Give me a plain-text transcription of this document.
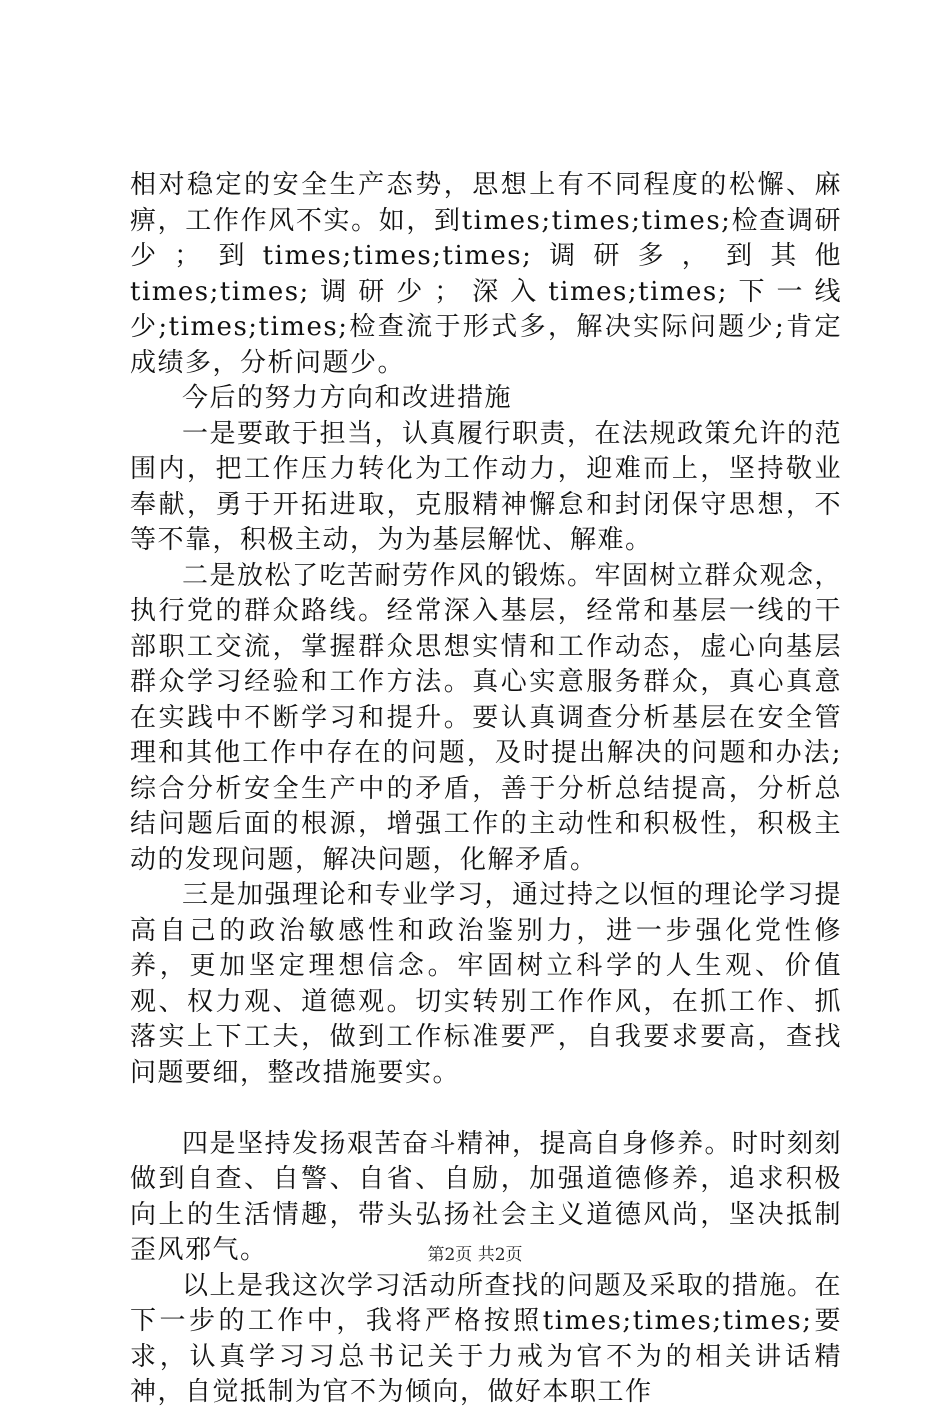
相对稳定的安全生产态势，思想上有不同程度的松懈、麻痹，工作作风不实。如，到times;times;times;检查调研少；到times;times;times;调研多，到其他times;times;调研少；深入times;times;下一线少;times;times;检查流于形式多，解决实际问题少;肯定成绩多，分析问题少。

今后的努力方向和改进措施

一是要敢于担当，认真履行职责，在法规政策允许的范围内，把工作压力转化为工作动力，迎难而上，坚持敬业奉献，勇于开拓进取，克服精神懈怠和封闭保守思想，不等不靠，积极主动，为为基层解忧、解难。

二是放松了吃苦耐劳作风的锻炼。牢固树立群众观念，执行党的群众路线。经常深入基层，经常和基层一线的干部职工交流，掌握群众思想实情和工作动态，虚心向基层群众学习经验和工作方法。真心实意服务群众，真心真意在实践中不断学习和提升。要认真调查分析基层在安全管理和其他工作中存在的问题，及时提出解决的问题和办法;综合分析安全生产中的矛盾，善于分析总结提高，分析总结问题后面的根源，增强工作的主动性和积极性，积极主动的发现问题，解决问题，化解矛盾。

三是加强理论和专业学习，通过持之以恒的理论学习提高自己的政治敏感性和政治鉴别力，进一步强化党性修养，更加坚定理想信念。牢固树立科学的人生观、价值观、权力观、道德观。切实转别工作作风，在抓工作、抓落实上下工夫，做到工作标准要严，自我要求要高，查找问题要细，整改措施要实。

四是坚持发扬艰苦奋斗精神，提高自身修养。时时刻刻做到自查、自警、自省、自励，加强道德修养，追求积极向上的生活情趣，带头弘扬社会主义道德风尚，坚决抵制歪风邪气。

以上是我这次学习活动所查找的问题及采取的措施。在下一步的工作中，我将严格按照times;times;times;要求，认真学习习总书记关于力戒为官不为的相关讲话精神，自觉抵制为官不为倾向，做好本职工作

第2页 共2页
